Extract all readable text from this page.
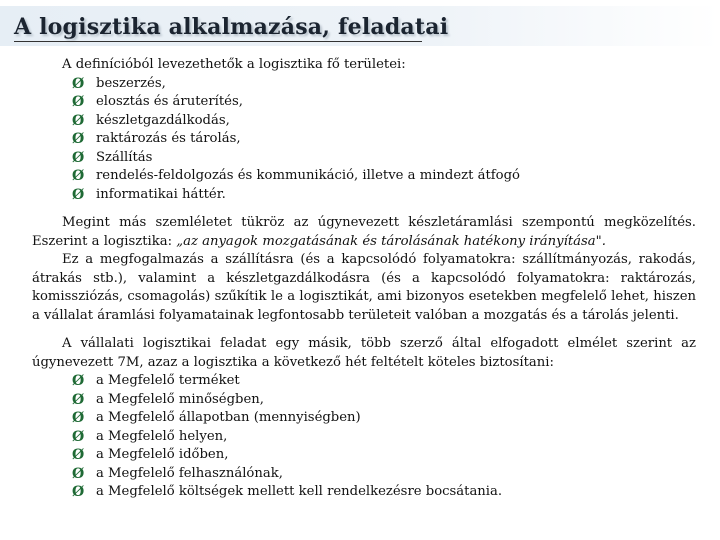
A logisztika alkalmazása, feladatai
A definícióból levezethetők a logisztika fő területei:
Ø beszerzés,
Ø elosztás és áruterítés,
Ø készletgazdálkodás,
Ø raktározás és tárolás,
Ø Szállítás
Ø rendelés-feldolgozás és kommunikáció, illetve a mindezt átfogó
Ø informatikai háttér.

Megint más szemléletet tükröz az úgynevezett készletáramlási szempontú megközelítés. Eszerint a logisztika: „az anyagok mozgatásának és tárolásának hatékony irányítása".

Ez a megfogalmazás a szállításra (és a kapcsolódó folyamatokra: szállítmányozás, rakodás, átrakás stb.), valamint a készletgazdálkodásra (és a kapcsolódó folyamatokra: raktározás, komissziózás, csomagolás) szűkítik le a logisztikát, ami bizonyos esetekben megfelelő lehet, hiszen a vállalat áramlási folyamatainak legfontosabb területeit valóban a mozgatás és a tárolás jelenti.

A vállalati logisztikai feladat egy másik, több szerző által elfogadott elmélet szerint az úgynevezett 7M, azaz a logisztika a következő hét feltételt köteles biztosítani:

Ø a Megfelelő terméket
Ø a Megfelelő minőségben,
Ø a Megfelelő állapotban (mennyiségben)
Ø a Megfelelő helyen,
Ø a Megfelelő időben,
Ø a Megfelelő felhasználónak,
Ø a Megfelelő költségek mellett kell rendelkezésre bocsátania.
